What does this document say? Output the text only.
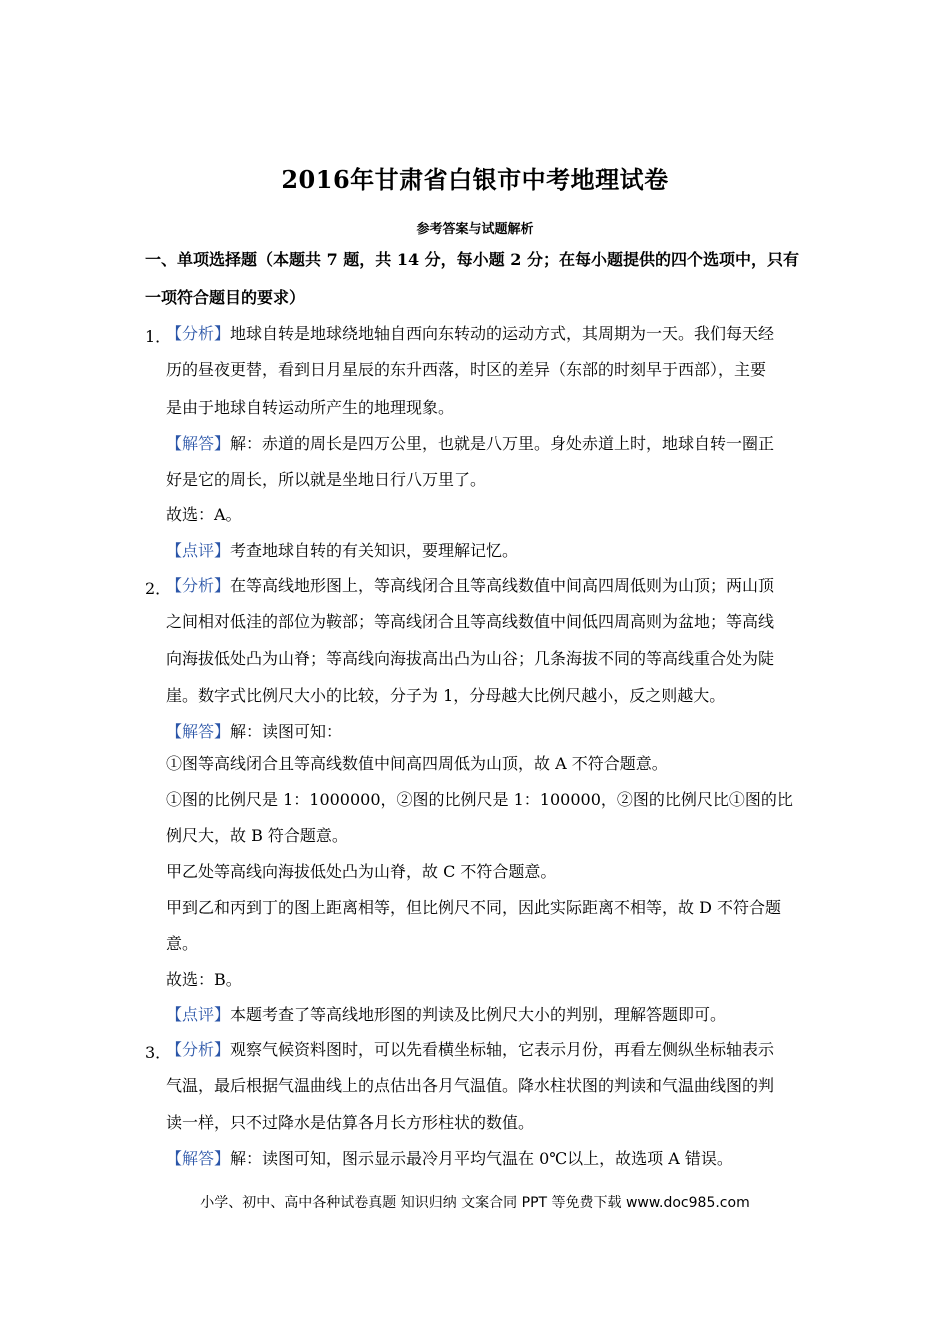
2016年甘肃省白银市中考地理试卷
参考答案与试题解析
一、单项选择题（本题共 7 题，共 14 分，每小题 2 分；在每小题提供的四个选项中，只有
一项符合题目的要求）
1．
【分析】地球自转是地球绕地轴自西向东转动的运动方式，其周期为一天。我们每天经
历的昼夜更替，看到日月星辰的东升西落，时区的差异（东部的时刻早于西部），主要
是由于地球自转运动所产生的地理现象。
【解答】解：赤道的周长是四万公里，也就是八万里。身处赤道上时，地球自转一圈正
好是它的周长，所以就是坐地日行八万里了。
故选：A。
【点评】考查地球自转的有关知识，要理解记忆。
2．
【分析】在等高线地形图上，等高线闭合且等高线数值中间高四周低则为山顶；两山顶
之间相对低洼的部位为鞍部；等高线闭合且等高线数值中间低四周高则为盆地；等高线
向海拔低处凸为山脊；等高线向海拔高出凸为山谷；几条海拔不同的等高线重合处为陡
崖。数字式比例尺大小的比较，分子为 1，分母越大比例尺越小，反之则越大。
【解答】解：读图可知：
①图等高线闭合且等高线数值中间高四周低为山顶，故 A 不符合题意。
①图的比例尺是 1：1000000，②图的比例尺是 1：100000，②图的比例尺比①图的比
例尺大，故 B 符合题意。
甲乙处等高线向海拔低处凸为山脊，故 C 不符合题意。
甲到乙和丙到丁的图上距离相等，但比例尺不同，因此实际距离不相等，故 D 不符合题
意。
故选：B。
【点评】本题考查了等高线地形图的判读及比例尺大小的判别，理解答题即可。
3．
【分析】观察气候资料图时，可以先看横坐标轴，它表示月份，再看左侧纵坐标轴表示
气温，最后根据气温曲线上的点估出各月气温值。降水柱状图的判读和气温曲线图的判
读一样，只不过降水是估算各月长方形柱状的数值。
【解答】解：读图可知，图示显示最冷月平均气温在 0℃以上，故选项 A 错误。
小学、初中、高中各种试卷真题 知识归纳 文案合同 PPT 等免费下载 www.doc985.com
